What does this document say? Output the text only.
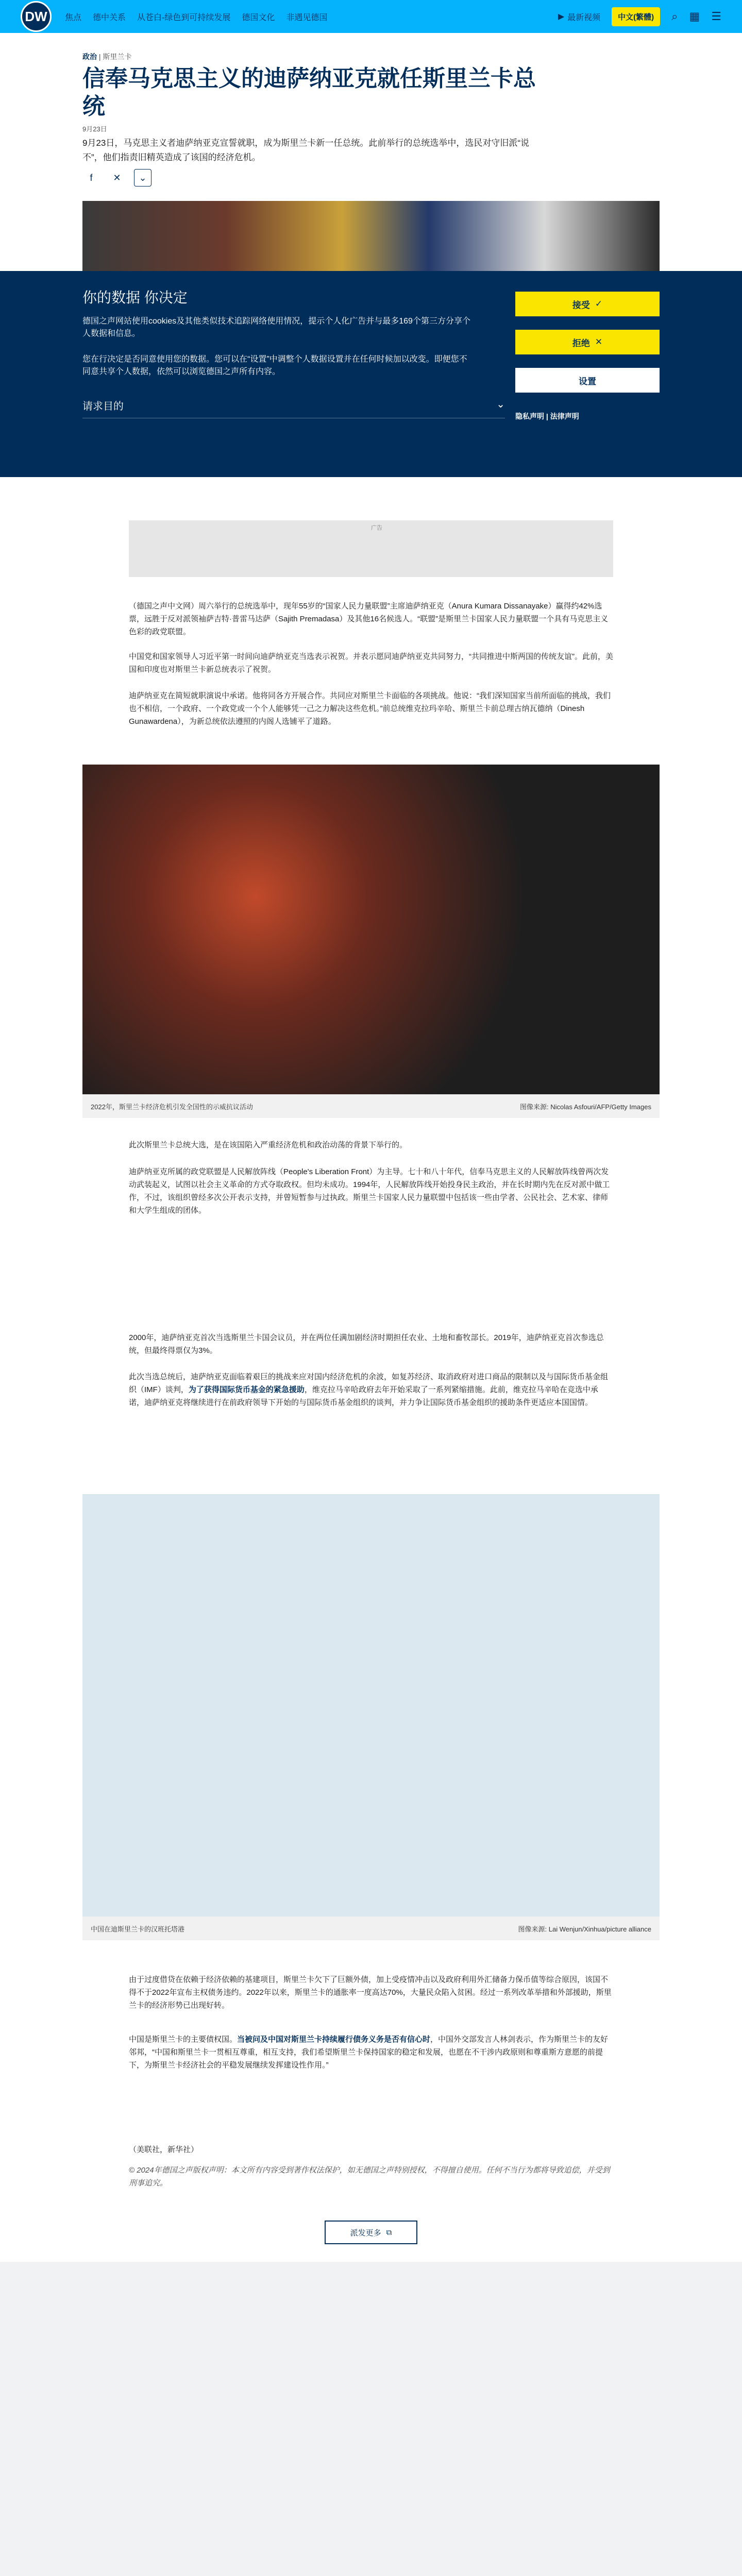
DW	焦点 德中关系 从苍白-绿色到可持续发展 德国文化 非遇见德国	▶ 最新视频	中文(繁體)	⌕ ▦ ☰
政治 | 斯里兰卡
信奉马克思主义的迪萨纳亚克就任斯里兰卡总统
9月23日

9月23日，马克思主义者迪萨纳亚克宣誓就职，成为斯里兰卡新一任总统。此前举行的总统选举中，选民对守旧派“说不”，他们指责旧精英造成了该国的经济危机。

f	✕	⌄
你的数据 你决定

德国之声网站使用cookies及其他类似技术追踪网络使用情况，提示个人化广告并与最多169个第三方分享个人数据和信息。

您在行决定是否同意使用您的数据。您可以在“设置”中调整个人数据设置并在任何时候加以改变。即便您不同意共享个人数据，依然可以浏览德国之声所有内容。

请求目的	⌄
接受 ✓
拒绝 ✕
设置
隐私声明 | 法律声明
广告

（德国之声中文网）周六举行的总统选举中，现年55岁的“国家人民力量联盟”主席迪萨纳亚克（Anura Kumara Dissanayake）赢得约42%选票，远胜于反对派领袖萨吉特·普雷马达萨（Sajith Premadasa）及其他16名候选人。“联盟”是斯里兰卡国家人民力量联盟一个具有马克思主义色彩的政党联盟。

中国党和国家领导人习近平第一时间向迪萨纳亚克当选表示祝贺。并表示愿同迪萨纳亚克共同努力，“共同推进中斯两国的传统友谊”。此前，美国和印度也对斯里兰卡新总统表示了祝贺。

迪萨纳亚克在简短就职演说中承诺。他将同各方开展合作。共同应对斯里兰卡面临的各项挑战。他说：“我们深知国家当前所面临的挑战，我们也不相信，一个政府、一个政党或一个个人能够凭一己之力解决这些危机。”前总统维克拉玛辛哈、斯里兰卡前总理古纳瓦德纳（Dinesh Gunawardena），为新总统依法遵照的内阁人选铺平了道路。

2022年，斯里兰卡经济危机引发全国性的示威抗议活动	图像来源: Nicolas Asfouri/AFP/Getty Images

此次斯里兰卡总统大选，是在该国陷入严重经济危机和政治动荡的背景下举行的。

迪萨纳亚克所属的政党联盟是人民解放阵线（People's Liberation Front）为主导。七十和八十年代，信奉马克思主义的人民解放阵线曾两次发动武装起义，试图以社会主义革命的方式夺取政权。但均未成功。1994年，人民解放阵线开始投身民主政治，并在长时期内先在反对派中做工作，不过，该组织曾经多次公开表示支持，并曾短暂参与过执政。斯里兰卡国家人民力量联盟中包括该一些由学者、公民社会、艺术家、律师和大学生组成的团体。

2000年，迪萨纳亚克首次当选斯里兰卡国会议员，并在两位任满加剧经济时期担任农业、土地和畜牧部长。2019年，迪萨纳亚克首次参选总统，但最终得票仅为3%。

此次当选总统后，迪萨纳亚克面临着艰巨的挑战来应对国内经济危机的余波，如复苏经济、取消政府对进口商品的限制以及与国际货币基金组织（IMF）谈判，为了获得国际货币基金的紧急援助，维克拉马辛哈政府去年开始采取了一系列紧缩措施。此前，维克拉马辛哈在竞选中承诺，迪萨纳亚克将继续进行在前政府领导下开始的与国际货币基金组织的谈判，并力争让国际货币基金组织的援助条件更适应本国国情。

中国在迪斯里兰卡的汉班托塔港	图像来源: Lai Wenjun/Xinhua/picture alliance

由于过度借贷在依赖于经济依赖的基建项目，斯里兰卡欠下了巨额外债，加上受疫情冲击以及政府利用外汇储备力保币值等综合原因，该国不得不于2022年宣布主权债务违约。2022年以来，斯里兰卡的通胀率一度高达70%，大量民众陷入贫困。经过一系列改革举措和外部援助，斯里兰卡的经济形势已出现好转。

中国是斯里兰卡的主要债权国。当被问及中国对斯里兰卡持续履行债务义务是否有信心时，中国外交部发言人林剑表示，作为斯里兰卡的友好邻邦，“中国和斯里兰卡一贯相互尊重，相互支持，我们希望斯里兰卡保持国家的稳定和发展，也愿在不干涉内政原则和尊重斯方意愿的前提下，为斯里兰卡经济社会的平稳发展继续发挥建设性作用。”

（美联社，新华社）

© 2024年德国之声版权声明：本文所有内容受到著作权法保护，如无德国之声特别授权，不得擅自使用。任何不当行为都将导致追偿，并受到刑事追究。

派发更多 ⧉
